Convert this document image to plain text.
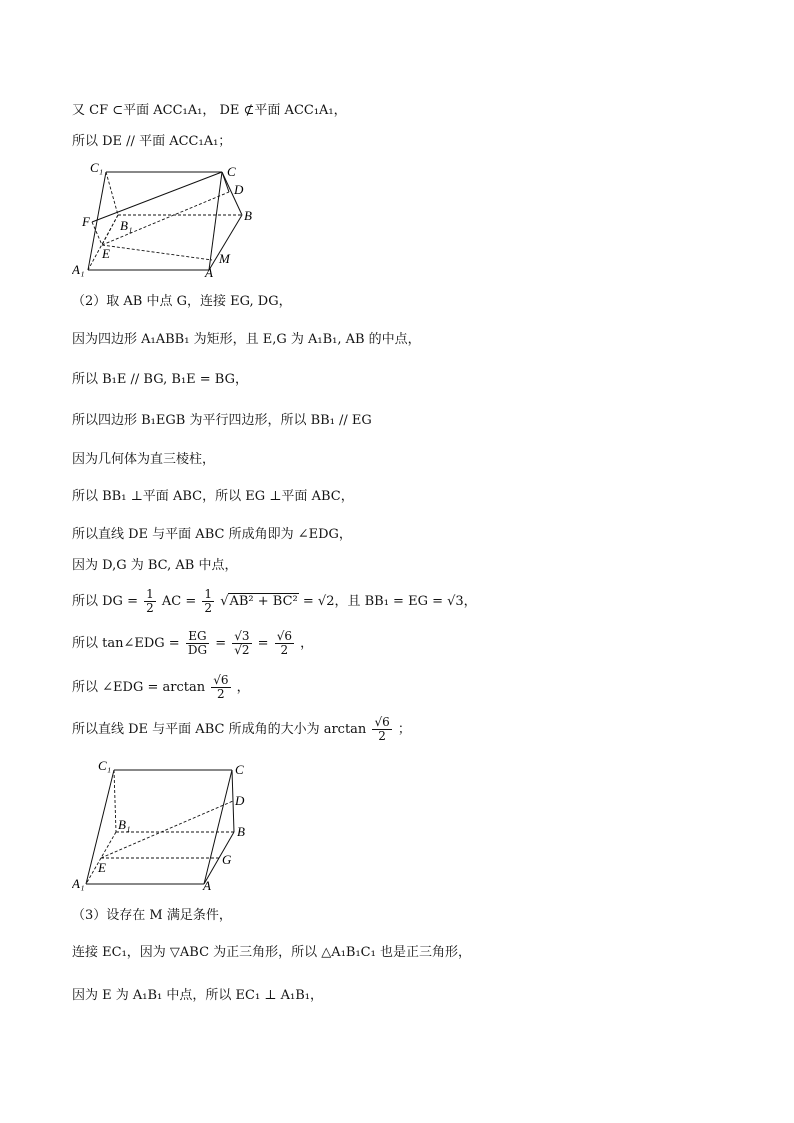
又 CF ⊂平面 ACC₁A₁， DE ⊄平面 ACC₁A₁，
所以 DE // 平面 ACC₁A₁；
C₁	C
D
B
F B₁
E	M
A₁	A
（2）取 AB 中点 G，连接 EG, DG，
因为四边形 A₁ABB₁ 为矩形，且 E,G 为 A₁B₁, AB 的中点，
所以 B₁E // BG, B₁E = BG，
所以四边形 B₁EGB 为平行四边形，所以 BB₁ // EG
因为几何体为直三棱柱，
所以 BB₁ ⊥平面 ABC，所以 EG ⊥平面 ABC，
所以直线 DE 与平面 ABC 所成角即为 ∠EDG，
因为 D,G 为 BC, AB 中点，
所以 DG = $\frac{1}{2}$ AC = $\frac{1}{2} √AB^2 + BC^2 = √2$，且 BB₁ = EG = √3，
所以 tan∠EDG = $\frac{EG}{DG} = \frac{√3}{√2} = \frac{√6}{2}$ ，
所以 ∠EDG = $\arctan \frac{√6}{2}$ ，
所以直线 DE 与平面 ABC 所成角的大小为 $\arctan \frac{√6}{2}$ ；
C₁	C
D
B₁	B
E
G
A₁	A
（3）设存在 M 满足条件，
连接 EC₁，因为 ▽ABC 为正三角形，所以 △A₁B₁C₁ 也是正三角形，
因为 E 为 A₁B₁ 中点，所以 EC₁ ⊥ A₁B₁，
